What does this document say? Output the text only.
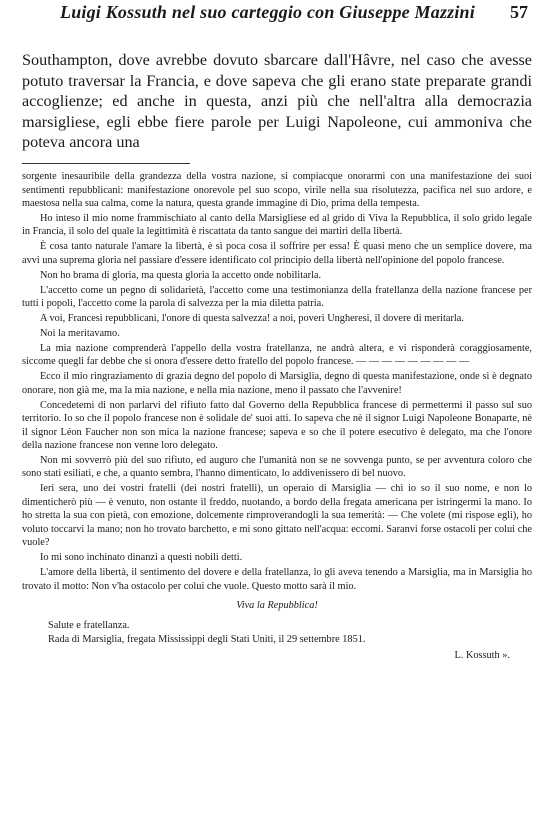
Luigi Kossuth nel suo carteggio con Giuseppe Mazzini 57

Southampton, dove avrebbe dovuto sbarcare dall'Hâvre, nel caso che avesse potuto traversar la Francia, e dove sapeva che gli erano state preparate grandi accoglienze; ed anche in questa, anzi più che nell'altra alla democrazia marsigliese, egli ebbe fiere parole per Luigi Napoleone, cui ammoniva che poteva ancora una

sorgente inesauribile della grandezza della vostra nazione, si compiacque onorarmi con una manifestazione dei suoi sentimenti repubblicani: manifestazione onorevole pel suo scopo, virile nella sua risolutezza, pacifica nel suo ardore, e maestosa nella sua calma, come la natura, questa grande immagine di Dio, prima della tempesta.

Ho inteso il mio nome frammischiato al canto della Marsigliese ed al grido di Viva la Repubblica, il solo grido legale in Francia, il solo del quale la legittimità è riscattata da tanto sangue dei martiri della libertà.

È cosa tanto naturale l'amare la libertà, è sì poca cosa il soffrire per essa! È quasi meno che un semplice dovere, ma avvi una suprema gloria nel passiare d'essere identificato col principio della libertà nell'opinione del popolo francese.

Non ho brama di gloria, ma questa gloria la accetto onde nobilitarla.

L'accetto come un pegno di solidarietà, l'accetto come una testimonianza della fratellanza della nazione francese per tutti i popoli, l'accetto come la parola di salvezza per la mia diletta patria.

A voi, Francesi repubblicani, l'onore di questa salvezza! a noi, poveri Ungheresi, il dovere di meritarla.

Noi la meritavamo.

La mia nazione comprenderà l'appello della vostra fratellanza, ne andrà altera, e vi risponderà coraggiosamente, siccome quegli far debbe che si onora d'essere detto fratello del popolo francese. — — — — — — — — —

Ecco il mio ringraziamento di grazia degno del popolo di Marsiglia, degno di questa manifestazione, onde si è degnato onorare, non già me, ma la mia nazione, e nella mia nazione, meno il passato che l'avvenire!

Concedetemi di non parlarvi del rifiuto fatto dal Governo della Repubblica francese di permettermi il passo sul suo territorio. Io so che il popolo francese non è solidale de' suoi atti. Io sapeva che nè il signor Luigi Napoleone Bonaparte, nè il signor Léon Faucher non son mica la nazione francese; sapeva e so che il potere esecutivo è delegato, ma che l'onore della nazione francese non venne loro delegato.

Non mi sovverrò più del suo rifiuto, ed auguro che l'umanità non se ne sovvenga punto, se per avventura coloro che sono stati esiliati, e che, a quanto sembra, l'hanno dimenticato, lo addivenissero di bel nuovo.

Ieri sera, uno dei vostri fratelli (dei nostri fratelli), un operaio di Marsiglia — chi io so il suo nome, e non lo dimenticherò più — è venuto, non ostante il freddo, nuotando, a bordo della fregata americana per istringermi la mano. Io ho stretta la sua con pietà, con emozione, dolcemente rimproverandogli la sua temerità: — Che volete (mi rispose egli), ho voluto toccarvi la mano; non ho trovato barchetto, e mi sono gittato nell'acqua: eccomi. Saranvi forse ostacoli per colui che vuole?

Io mi sono inchinato dinanzi a questi nobili detti.

L'amore della libertà, il sentimento del dovere e della fratellanza, lo gli aveva tenendo a Marsiglia, ma in Marsiglia ho trovato il motto: Non v'ha ostacolo per colui che vuole. Questo motto sarà il mio.

Viva la Repubblica!

Salute e fratellanza.

Rada di Marsiglia, fregata Mississippi degli Stati Uniti, il 29 settembre 1851.

L. Kossuth ».
